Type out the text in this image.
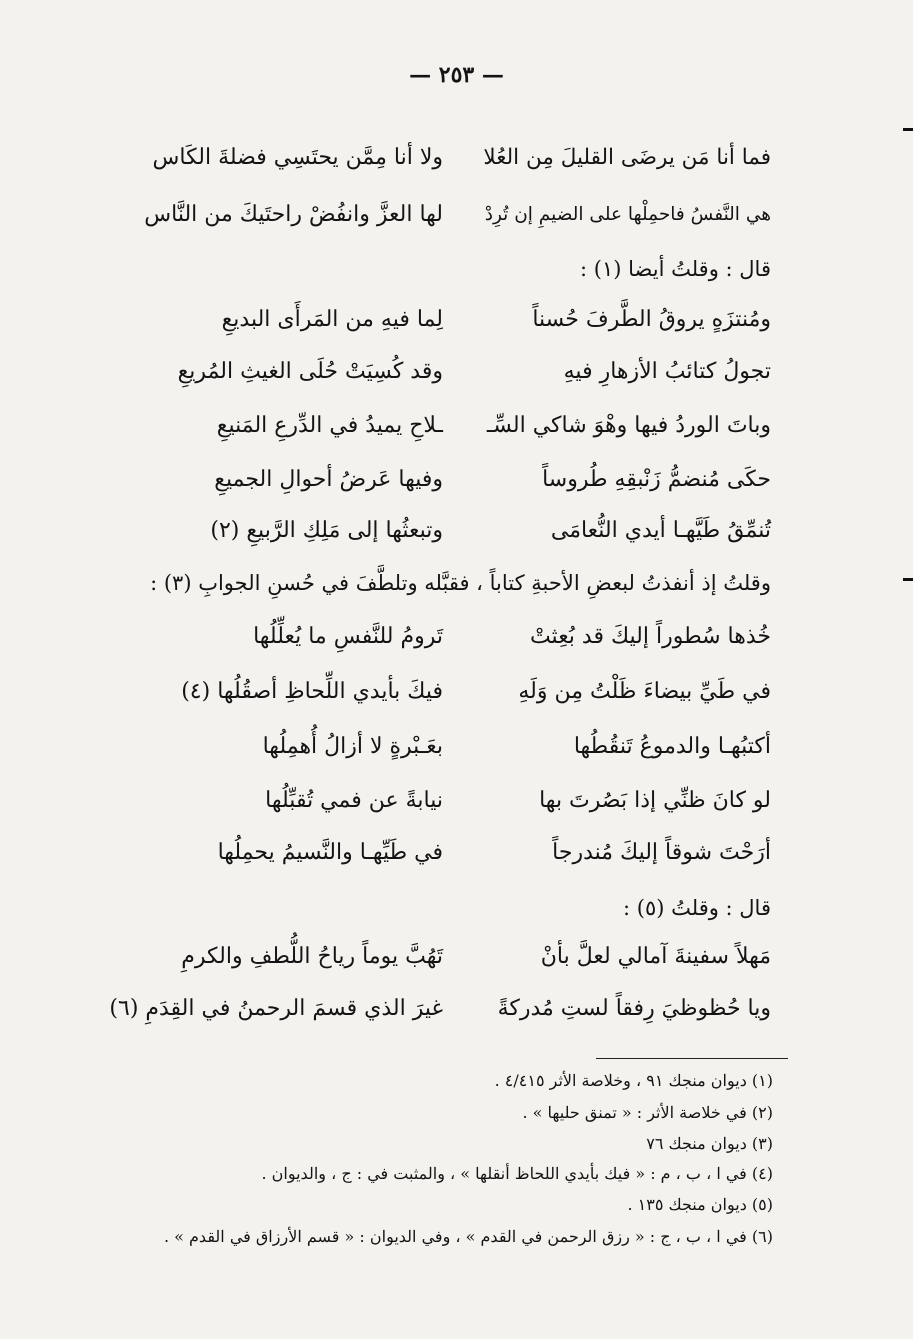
— ٢٥٣ —
فما أنا مَن يرضَى القليلَ مِن العُلا
ولا أنا مِمَّن يحتَسِي فضلةَ الكَاس
هي النَّفسُ فاحمِلْها على الضيمِ إن تُرِدْ
لها العزَّ وانفُضْ راحتَيكَ من النَّاس
قال : وقلتُ أيضا (١) :
ومُنتزَهٍ يروقُ الطَّرفَ حُسناً
لِما فيهِ من المَرأَى البديعِ
تجولُ كتائبُ الأزهارِ فيهِ
وقد كُسِيَتْ حُلَى الغيثِ المُريعِ
وباتَ الوردُ فيها وهْوَ شاكي السِّـ
ـلاحِ يميدُ في الدِّرعِ المَنيعِ
حكَى مُنضمُّ زَنْبقِهِ طُروساً
وفيها عَرضُ أحوالِ الجميعِ
تُنمِّقُ طَيَّهـا أيدي النُّعامَى
وتبعثُها إلى مَلِكِ الرَّبيعِ (٢)
وقلتُ إذ أنفذتُ لبعضِ الأحبةِ كتاباً ، فقبَّله وتلطَّفَ في حُسنِ الجوابِ (٣) :
خُذها سُطوراً إليكَ قد بُعِثتْ
تَرومُ للنَّفسِ ما يُعلِّلُها
في طَيِّ بيضاءَ ظَلْتُ مِن وَلَهِ
فيكَ بأيدي اللِّحاظِ أصقُلُها (٤)
أكتبُهـا والدموعُ تَنقُطُها
بعَـبْرةٍ لا أزالُ أُهمِلُها
لو كانَ ظنِّي إذا بَصُرتَ بها
نيابةً عن فمي تُقبِّلُها
أرَحْتَ شوقاً إليكَ مُندرجاً
في طَيِّهـا والنَّسيمُ يحمِلُها
قال : وقلتُ (٥) :
مَهلاً سفينةَ آمالي لعلَّ بأنْ
تَهُبَّ يوماً رياحُ اللُّطفِ والكرمِ
ويا حُظوظيَ رِفقاً لستِ مُدركةً
غيرَ الذي قسمَ الرحمنُ في القِدَمِ (٦)
(١) ديوان منجك ٩١ ، وخلاصة الأثر ٤/٤١٥ .
(٢) في خلاصة الأثر : « تمنق حليها » .
(٣) ديوان منجك ٧٦
(٤) في ا ، ب ، م : « فيك بأيدي اللحاظ أنقلها » ، والمثبت في : ج ، والديوان .
(٥) ديوان منجك ١٣٥ .
(٦) في ا ، ب ، ج : « رزق الرحمن في القدم » ، وفي الديوان : « قسم الأرزاق في القدم » .
